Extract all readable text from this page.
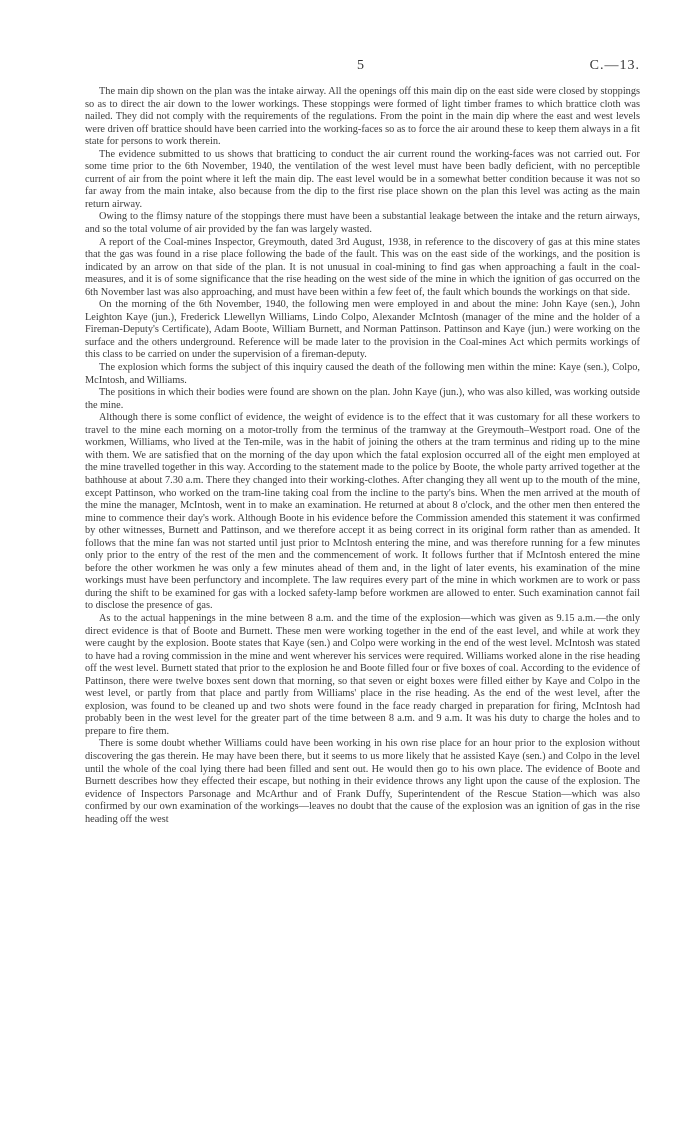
5	C.—13.

The main dip shown on the plan was the intake airway. All the openings off this main dip on the east side were closed by stoppings so as to direct the air down to the lower workings. These stoppings were formed of light timber frames to which brattice cloth was nailed. They did not comply with the requirements of the regulations. From the point in the main dip where the east and west levels were driven off brattice should have been carried into the working-faces so as to force the air around these to keep them always in a fit state for persons to work therein.

The evidence submitted to us shows that bratticing to conduct the air current round the working-faces was not carried out. For some time prior to the 6th November, 1940, the ventilation of the west level must have been badly deficient, with no perceptible current of air from the point where it left the main dip. The east level would be in a somewhat better condition because it was not so far away from the main intake, also because from the dip to the first rise place shown on the plan this level was acting as the main return airway.

Owing to the flimsy nature of the stoppings there must have been a substantial leakage between the intake and the return airways, and so the total volume of air provided by the fan was largely wasted.

A report of the Coal-mines Inspector, Greymouth, dated 3rd August, 1938, in reference to the discovery of gas at this mine states that the gas was found in a rise place following the bade of the fault. This was on the east side of the workings, and the position is indicated by an arrow on that side of the plan. It is not unusual in coal-mining to find gas when approaching a fault in the coal-measures, and it is of some significance that the rise heading on the west side of the mine in which the ignition of gas occurred on the 6th November last was also approaching, and must have been within a few feet of, the fault which bounds the workings on that side.

On the morning of the 6th November, 1940, the following men were employed in and about the mine: John Kaye (sen.), John Leighton Kaye (jun.), Frederick Llewellyn Williams, Lindo Colpo, Alexander McIntosh (manager of the mine and the holder of a Fireman-Deputy's Certificate), Adam Boote, William Burnett, and Norman Pattinson. Pattinson and Kaye (jun.) were working on the surface and the others underground. Reference will be made later to the provision in the Coal-mines Act which permits workings of this class to be carried on under the supervision of a fireman-deputy.

The explosion which forms the subject of this inquiry caused the death of the following men within the mine: Kaye (sen.), Colpo, McIntosh, and Williams.

The positions in which their bodies were found are shown on the plan. John Kaye (jun.), who was also killed, was working outside the mine.

Although there is some conflict of evidence, the weight of evidence is to the effect that it was customary for all these workers to travel to the mine each morning on a motor-trolly from the terminus of the tramway at the Greymouth–Westport road. One of the workmen, Williams, who lived at the Ten-mile, was in the habit of joining the others at the tram terminus and riding up to the mine with them. We are satisfied that on the morning of the day upon which the fatal explosion occurred all of the eight men employed at the mine travelled together in this way. According to the statement made to the police by Boote, the whole party arrived together at the bathhouse at about 7.30 a.m. There they changed into their working-clothes. After changing they all went up to the mouth of the mine, except Pattinson, who worked on the tram-line taking coal from the incline to the party's bins. When the men arrived at the mouth of the mine the manager, McIntosh, went in to make an examination. He returned at about 8 o'clock, and the other men then entered the mine to commence their day's work. Although Boote in his evidence before the Commission amended this statement it was confirmed by other witnesses, Burnett and Pattinson, and we therefore accept it as being correct in its original form rather than as amended. It follows that the mine fan was not started until just prior to McIntosh entering the mine, and was therefore running for a few minutes only prior to the entry of the rest of the men and the commencement of work. It follows further that if McIntosh entered the mine before the other workmen he was only a few minutes ahead of them and, in the light of later events, his examination of the mine workings must have been perfunctory and incomplete. The law requires every part of the mine in which workmen are to work or pass during the shift to be examined for gas with a locked safety-lamp before workmen are allowed to enter. Such examination cannot fail to disclose the presence of gas.

As to the actual happenings in the mine between 8 a.m. and the time of the explosion—which was given as 9.15 a.m.—the only direct evidence is that of Boote and Burnett. These men were working together in the end of the east level, and while at work they were caught by the explosion. Boote states that Kaye (sen.) and Colpo were working in the end of the west level. McIntosh was stated to have had a roving commission in the mine and went wherever his services were required. Williams worked alone in the rise heading off the west level. Burnett stated that prior to the explosion he and Boote filled four or five boxes of coal. According to the evidence of Pattinson, there were twelve boxes sent down that morning, so that seven or eight boxes were filled either by Kaye and Colpo in the west level, or partly from that place and partly from Williams' place in the rise heading. As the end of the west level, after the explosion, was found to be cleaned up and two shots were found in the face ready charged in preparation for firing, McIntosh had probably been in the west level for the greater part of the time between 8 a.m. and 9 a.m. It was his duty to charge the holes and to prepare to fire them.

There is some doubt whether Williams could have been working in his own rise place for an hour prior to the explosion without discovering the gas therein. He may have been there, but it seems to us more likely that he assisted Kaye (sen.) and Colpo in the level until the whole of the coal lying there had been filled and sent out. He would then go to his own place. The evidence of Boote and Burnett describes how they effected their escape, but nothing in their evidence throws any light upon the cause of the explosion. The evidence of Inspectors Parsonage and McArthur and of Frank Duffy, Superintendent of the Rescue Station—which was also confirmed by our own examination of the workings—leaves no doubt that the cause of the explosion was an ignition of gas in the rise heading off the west
